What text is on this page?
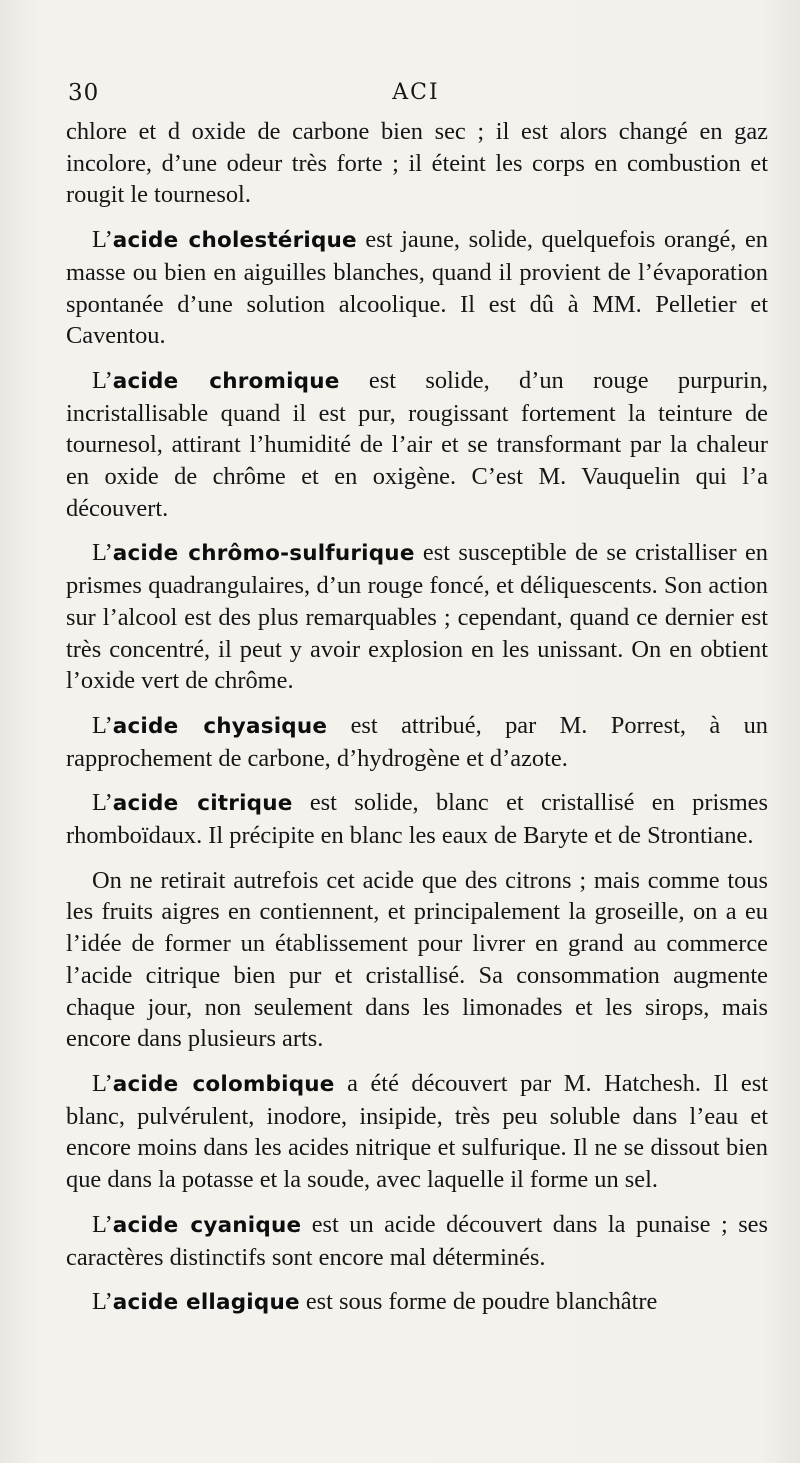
30	ACI

chlore et d oxide de carbone bien sec ; il est alors changé en gaz incolore, d’une odeur très forte ; il éteint les corps en combustion et rougit le tournesol.

L’acide cholestérique est jaune, solide, quelquefois orangé, en masse ou bien en aiguilles blanches, quand il provient de l’évaporation spontanée d’une solution alcoolique. Il est dû à MM. Pelletier et Caventou.

L’acide chromique est solide, d’un rouge purpurin, incristallisable quand il est pur, rougissant fortement la teinture de tournesol, attirant l’humidité de l’air et se transformant par la chaleur en oxide de chrôme et en oxigène. C’est M. Vauquelin qui l’a découvert.

L’acide chrômo-sulfurique est susceptible de se cristalliser en prismes quadrangulaires, d’un rouge foncé, et déliquescents. Son action sur l’alcool est des plus remarquables ; cependant, quand ce dernier est très concentré, il peut y avoir explosion en les unissant. On en obtient l’oxide vert de chrôme.

L’acide chyasique est attribué, par M. Porrest, à un rapprochement de carbone, d’hydrogène et d’azote.

L’acide citrique est solide, blanc et cristallisé en prismes rhomboïdaux. Il précipite en blanc les eaux de Baryte et de Strontiane.

On ne retirait autrefois cet acide que des citrons ; mais comme tous les fruits aigres en contiennent, et principalement la groseille, on a eu l’idée de former un établissement pour livrer en grand au commerce l’acide citrique bien pur et cristallisé. Sa consommation augmente chaque jour, non seulement dans les limonades et les sirops, mais encore dans plusieurs arts.

L’acide colombique a été découvert par M. Hatchesh. Il est blanc, pulvérulent, inodore, insipide, très peu soluble dans l’eau et encore moins dans les acides nitrique et sulfurique. Il ne se dissout bien que dans la potasse et la soude, avec laquelle il forme un sel.

L’acide cyanique est un acide découvert dans la punaise ; ses caractères distinctifs sont encore mal déterminés.

L’acide ellagique est sous forme de poudre blanchâtre
